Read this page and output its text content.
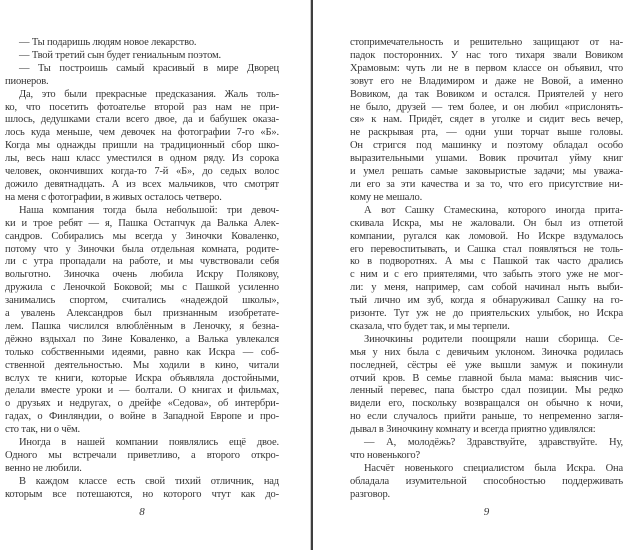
— Ты подаришь людям новое лекарство.
— Твой третий сын будет гениальным поэтом.
— Ты построишь самый красивый в мире Дворец
пионеров.
Да, это были прекрасные предсказания. Жаль толь-
ко, что посетить фотоателье второй раз нам не при-
шлось, дедушками стали всего двое, да и бабушек оказа-
лось куда меньше, чем девочек на фотографии 7-го «Б».
Когда мы однажды пришли на традиционный сбор шко-
лы, весь наш класс уместился в одном ряду. Из сорока
человек, окончивших когда-то 7-й «Б», до седых волос
дожило девятнадцать. А из всех мальчиков, что смотрят
на меня с фотографии, в живых осталось четверо.
Наша компания тогда была небольшой: три девоч-
ки и трое ребят — я, Пашка Остапчук да Валька Алек-
сандров. Собирались мы всегда у Зиночки Коваленко,
потому что у Зиночки была отдельная комната, родите-
ли с утра пропадали на работе, и мы чувствовали себя
вольготно. Зиночка очень любила Искру Полякову,
дружила с Леночкой Боковой; мы с Пашкой усиленно
занимались спортом, считались «надеждой школы»,
а увалень Александров был признанным изобретате-
лем. Пашка числился влюблённым в Леночку, я безна-
дёжно вздыхал по Зине Коваленко, а Валька увлекался
только собственными идеями, равно как Искра — соб-
ственной деятельностью. Мы ходили в кино, читали
вслух те книги, которые Искра объявляла достойными,
делали вместе уроки и — болтали. О книгах и фильмах,
о друзьях и недругах, о дрейфе «Седова», об интербри-
гадах, о Финляндии, о войне в Западной Европе и про-
сто так, ни о чём.
Иногда в нашей компании появлялись ещё двое.
Одного мы встречали приветливо, а второго откро-
венно не любили.
В каждом классе есть свой тихий отличник, над
которым все потешаются, но которого чтут как до-
8
стопримечательность и решительно защищают от на-
падок посторонних. У нас того тихаря звали Вовиком
Храмовым: чуть ли не в первом классе он объявил, что
зовут его не Владимиром и даже не Вовой, а именно
Вовиком, да так Вовиком и остался. Приятелей у него
не было, друзей — тем более, и он любил «прислонять-
ся» к нам. Придёт, сядет в уголке и сидит весь вечер,
не раскрывая рта, — одни уши торчат выше головы.
Он стригся под машинку и поэтому обладал особо
выразительными ушами. Вовик прочитал уйму книг
и умел решать самые заковыристые задачи; мы уважа-
ли его за эти качества и за то, что его присутствие ни-
кому не мешало.
А вот Сашку Стамескина, которого иногда прита-
скивала Искра, мы не жаловали. Он был из отпетой
компании, ругался как ломовой. Но Искре вздумалось
его перевоспитывать, и Сашка стал появляться не толь-
ко в подворотнях. А мы с Пашкой так часто дрались
с ним и с его приятелями, что забыть этого уже не мог-
ли: у меня, например, сам собой начинал ныть выби-
тый лично им зуб, когда я обнаруживал Сашку на го-
ризонте. Тут уж не до приятельских улыбок, но Искра
сказала, что будет так, и мы терпели.
Зиночкины родители поощряли наши сборища. Се-
мья у них была с девичьим уклоном. Зиночка родилась
последней, сёстры её уже вышли замуж и покинули
отчий кров. В семье главной была мама: выяснив чис-
ленный перевес, папа быстро сдал позиции. Мы редко
видели его, поскольку возвращался он обычно к ночи,
но если случалось прийти раньше, то непременно загля-
дывал в Зиночкину комнату и всегда приятно удивлялся:
— А, молодёжь? Здравствуйте, здравствуйте. Ну,
что новенького?
Насчёт новенького специалистом была Искра. Она
обладала изумительной способностью поддерживать
разговор.
9
